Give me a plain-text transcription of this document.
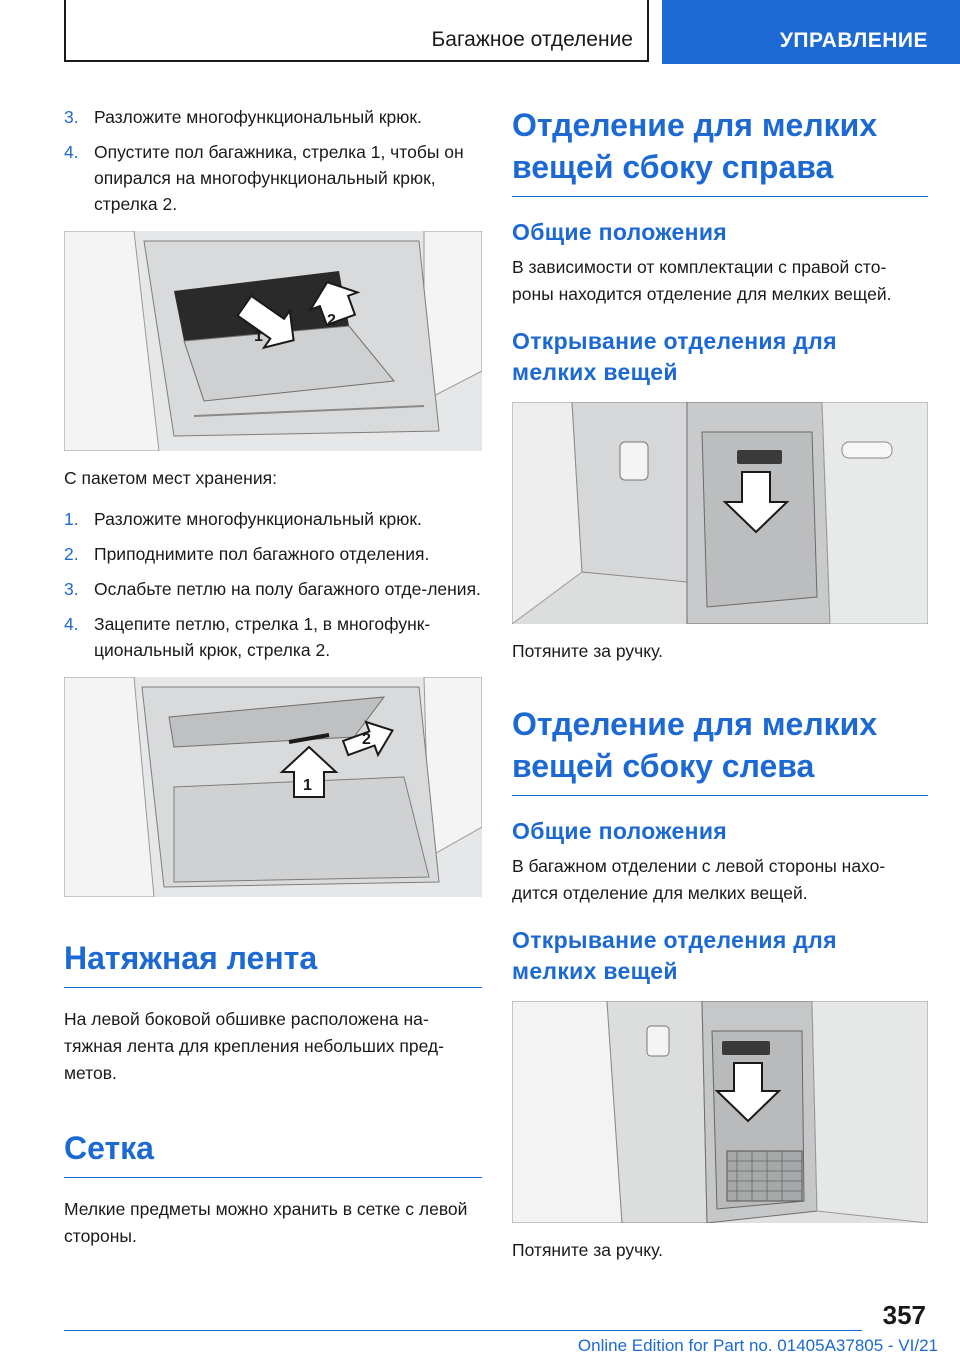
Багажное отделение	УПРАВЛЕНИЕ
3. Разложите многофункциональный крюк.
4. Опустите пол багажника, стрелка 1, чтобы он опирался на многофункциональный крюк, стрелка 2.
1
2

С пакетом мест хранения:

1. Разложите многофункциональный крюк.
2. Приподнимите пол багажного отделения.
3. Ослабьте петлю на полу багажного отде-ления.
4. Зацепите петлю, стрелка 1, в многофунк-циональный крюк, стрелка 2.
1
2
Натяжная лента

На левой боковой обшивке расположена на-тяжная лента для крепления небольших пред-метов.

Сетка

Мелкие предметы можно хранить в сетке с левой стороны.

Отделение для мелких вещей сбоку справа
Общие положения

В зависимости от комплектации с правой сто-роны находится отделение для мелких вещей.

Открывание отделения для мелких вещей

Потяните за ручку.

Отделение для мелких вещей сбоку слева
Общие положения

В багажном отделении с левой стороны нахо-дится отделение для мелких вещей.

Открывание отделения для мелких вещей

Потяните за ручку.

357
Online Edition for Part no. 01405A37805 - VI/21
